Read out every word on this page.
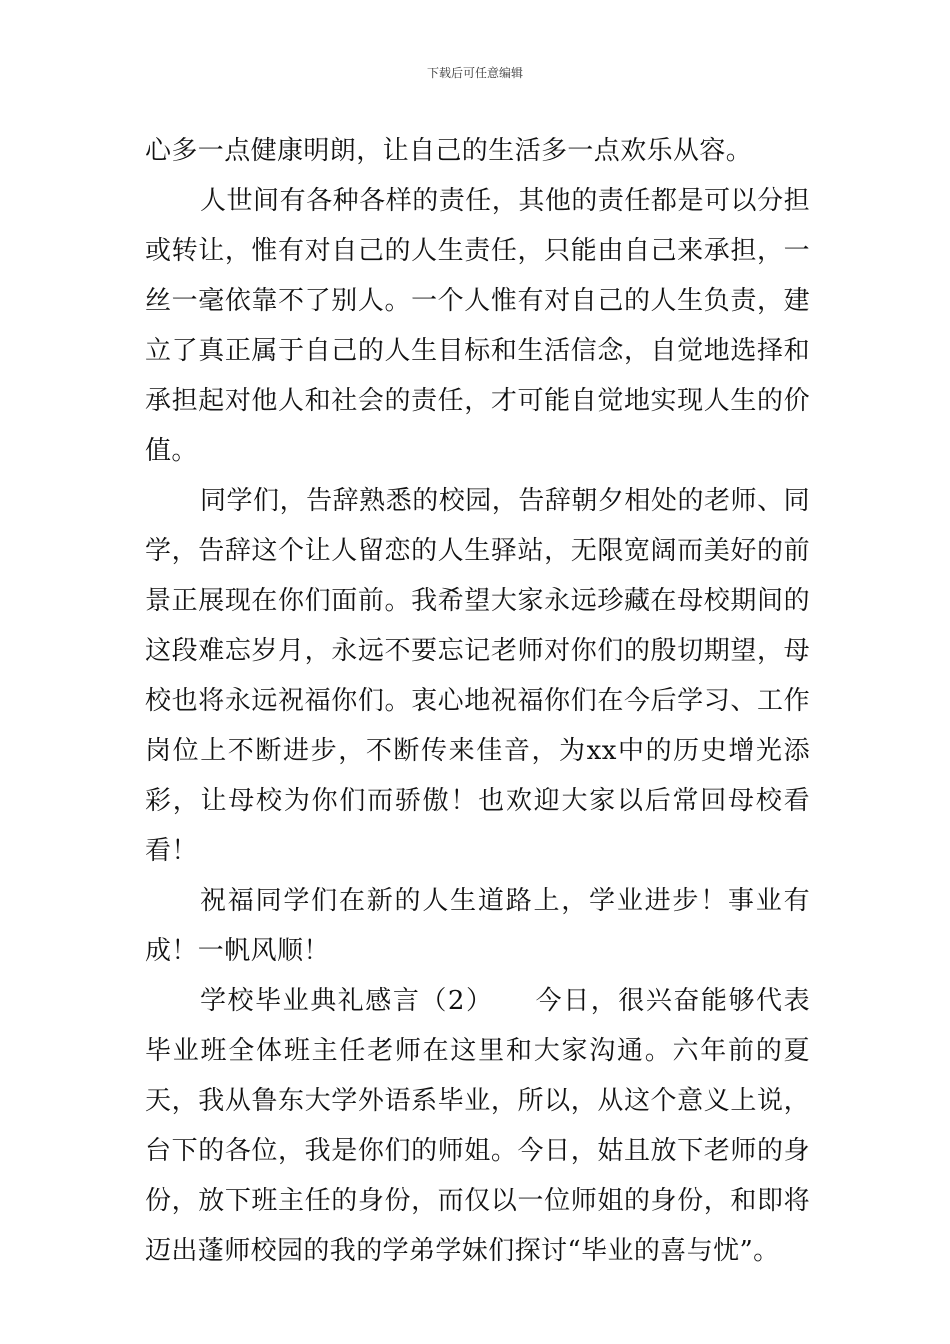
下载后可任意编辑

心多一点健康明朗，让自己的生活多一点欢乐从容。

人世间有各种各样的责任，其他的责任都是可以分担或转让，惟有对自己的人生责任，只能由自己来承担，一丝一毫依靠不了别人。一个人惟有对自己的人生负责，建立了真正属于自己的人生目标和生活信念，自觉地选择和承担起对他人和社会的责任，才可能自觉地实现人生的价值。

同学们，告辞熟悉的校园，告辞朝夕相处的老师、同学，告辞这个让人留恋的人生驿站，无限宽阔而美好的前景正展现在你们面前。我希望大家永远珍藏在母校期间的这段难忘岁月，永远不要忘记老师对你们的殷切期望，母校也将永远祝福你们。衷心地祝福你们在今后学习、工作岗位上不断进步，不断传来佳音，为xx中的历史增光添彩，让母校为你们而骄傲！也欢迎大家以后常回母校看看！

祝福同学们在新的人生道路上，学业进步！事业有成！一帆风顺！

学校毕业典礼感言（2）　　今日，很兴奋能够代表毕业班全体班主任老师在这里和大家沟通。六年前的夏天，我从鲁东大学外语系毕业，所以，从这个意义上说，台下的各位，我是你们的师姐。今日，姑且放下老师的身份，放下班主任的身份，而仅以一位师姐的身份，和即将迈出蓬师校园的我的学弟学妹们探讨“毕业的喜与忧”。
